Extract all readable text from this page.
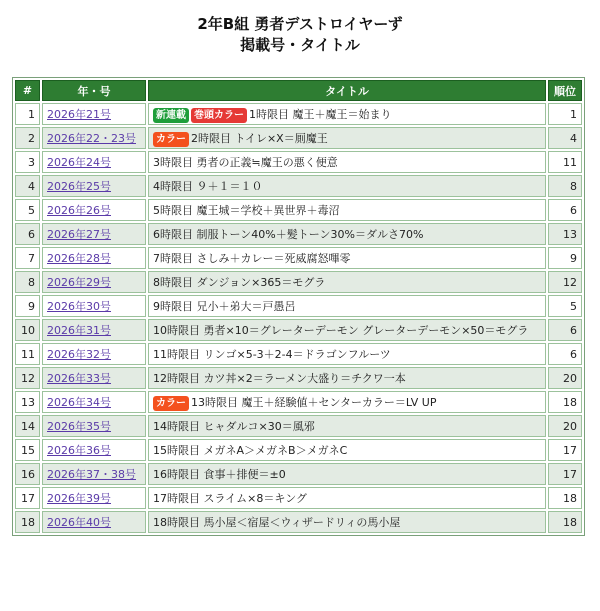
2年B組 勇者デストロイヤーず
掲載号・タイトル
#	年・号	タイトル	順位
1	2026年21号	新連載 巻頭カラー 1時限目 魔王＋魔王＝始まり	1
2	2026年22・23号	カラー 2時限目 トイレ×X＝厠魔王	4
3	2026年24号	3時限目 勇者の正義≒魔王の悪く便意	11
4	2026年25号	4時限目 ９＋１＝１０	8
5	2026年26号	5時限目 魔王城＝学校＋異世界＋毒沼	6
6	2026年27号	6時限目 制服トーン40%＋髪トーン30%＝ダルさ70%	13
7	2026年28号	7時限目 さしみ＋カレー＝死威腐怒嗶零	9
8	2026年29号	8時限目 ダンジョン×365＝モグラ	12
9	2026年30号	9時限目 兄小＋弟大＝戸愚呂	5
10	2026年31号	10時限目 勇者×10＝グレーターデーモン グレーターデーモン×50＝モグラ	6
11	2026年32号	11時限目 リンゴ×5-3＋2-4＝ドラゴンフルーツ	6
12	2026年33号	12時限目 カツ丼×2＝ラーメン大盛り＝チクワ一本	20
13	2026年34号	カラー 13時限目 魔王＋経験値＋センターカラー＝LV UP	18
14	2026年35号	14時限目 ヒャダルコ×30＝風邪	20
15	2026年36号	15時限目 メガネA＞メガネB＞メガネC	17
16	2026年37・38号	16時限目 食事＋排便＝±0	17
17	2026年39号	17時限目 スライム×8＝キング	18
18	2026年40号	18時限目 馬小屋＜宿屋＜ウィザードリィの馬小屋	18
